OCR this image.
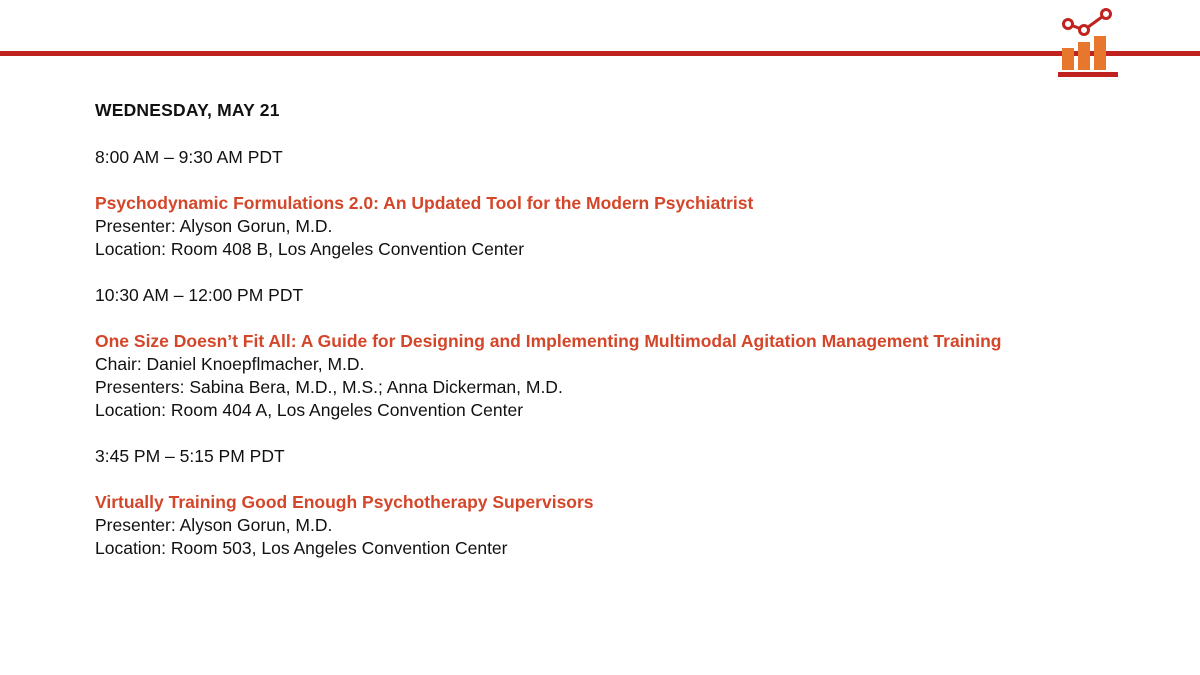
WEDNESDAY, MAY 21
8:00 AM – 9:30 AM PDT
Psychodynamic Formulations 2.0: An Updated Tool for the Modern Psychiatrist
Presenter: Alyson Gorun, M.D.
Location: Room 408 B, Los Angeles Convention Center
10:30 AM – 12:00 PM PDT
One Size Doesn’t Fit All: A Guide for Designing and Implementing Multimodal Agitation Management Training
Chair: Daniel Knoepflmacher, M.D.
Presenters: Sabina Bera, M.D., M.S.; Anna Dickerman, M.D.
Location: Room 404 A, Los Angeles Convention Center
3:45 PM – 5:15 PM PDT
Virtually Training Good Enough Psychotherapy Supervisors
Presenter: Alyson Gorun, M.D.
Location: Room 503, Los Angeles Convention Center
